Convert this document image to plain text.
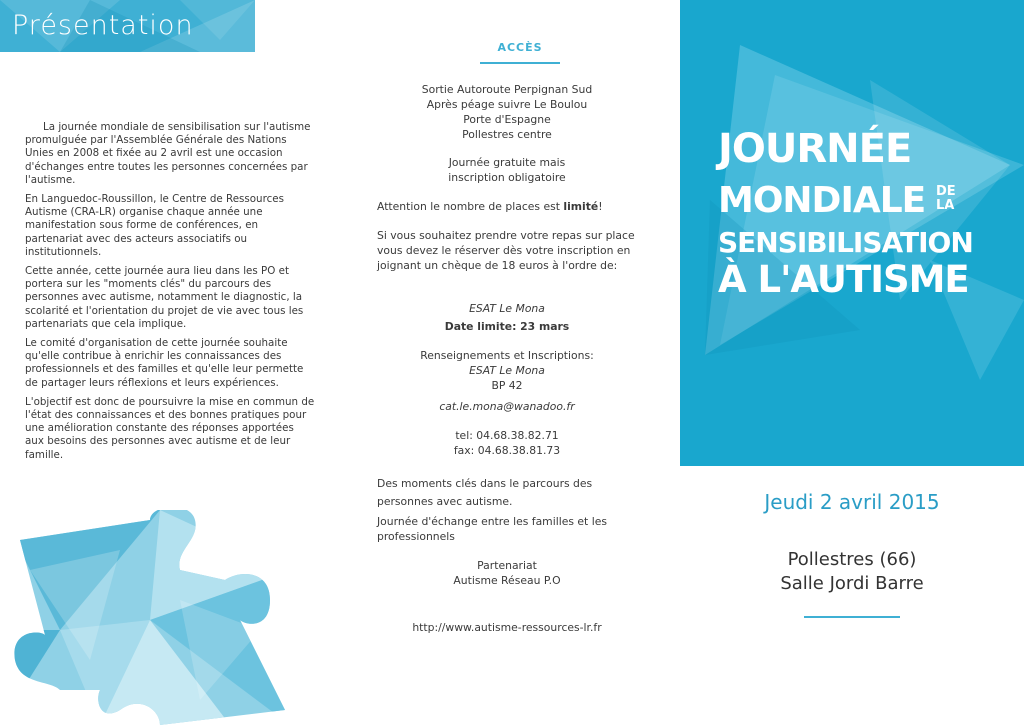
Présentation

La journée mondiale de sensibilisation sur l'autisme promulguée par l'Assemblée Générale des Nations Unies en 2008 et fixée au 2 avril est une occasion d'échanges entre toutes les personnes concernées par l'autisme.

En Languedoc-Roussillon, le Centre de Ressources Autisme (CRA-LR) organise chaque année une manifestation sous forme de conférences, en partenariat avec des acteurs associatifs ou institutionnels.

Cette année, cette journée aura lieu dans les PO et portera sur les "moments clés" du parcours des personnes avec autisme, notamment le diagnostic, la scolarité et l'orientation du projet de vie avec tous les partenariats que cela implique.

Le comité d'organisation de cette journée souhaite qu'elle contribue à enrichir les connaissances des professionnels et des familles et qu'elle leur permette de partager leurs réflexions et leurs expériences.

L'objectif est donc de poursuivre la mise en commun de l'état des connaissances et des bonnes pratiques pour une amélioration constante des réponses apportées aux besoins des personnes avec autisme et de leur famille.

ACCÈS

Sortie Autoroute Perpignan Sud

Après péage suivre Le Boulou

Porte d'Espagne

Pollestres centre

Journée gratuite mais

inscription obligatoire

Attention le nombre de places est limité!

Si vous souhaitez prendre votre repas sur place vous devez le réserver dès votre inscription en joignant un chèque de 18 euros à l'ordre de:

ESAT Le Mona

Date limite: 23 mars

Renseignements et Inscriptions:

ESAT Le Mona

BP 42

cat.le.mona@wanadoo.fr

tel: 04.68.38.82.71

fax: 04.68.38.81.73

Des moments clés dans le parcours des personnes avec autisme.

Journée d'échange entre les familles et les professionnels

Partenariat

Autisme Réseau P.O

http://www.autisme-ressources-lr.fr

JOURNÉE
MONDIALE DE
LA
SENSIBILISATION
À L'AUTISME
Jeudi 2 avril 2015
Pollestres (66)
Salle Jordi Barre
